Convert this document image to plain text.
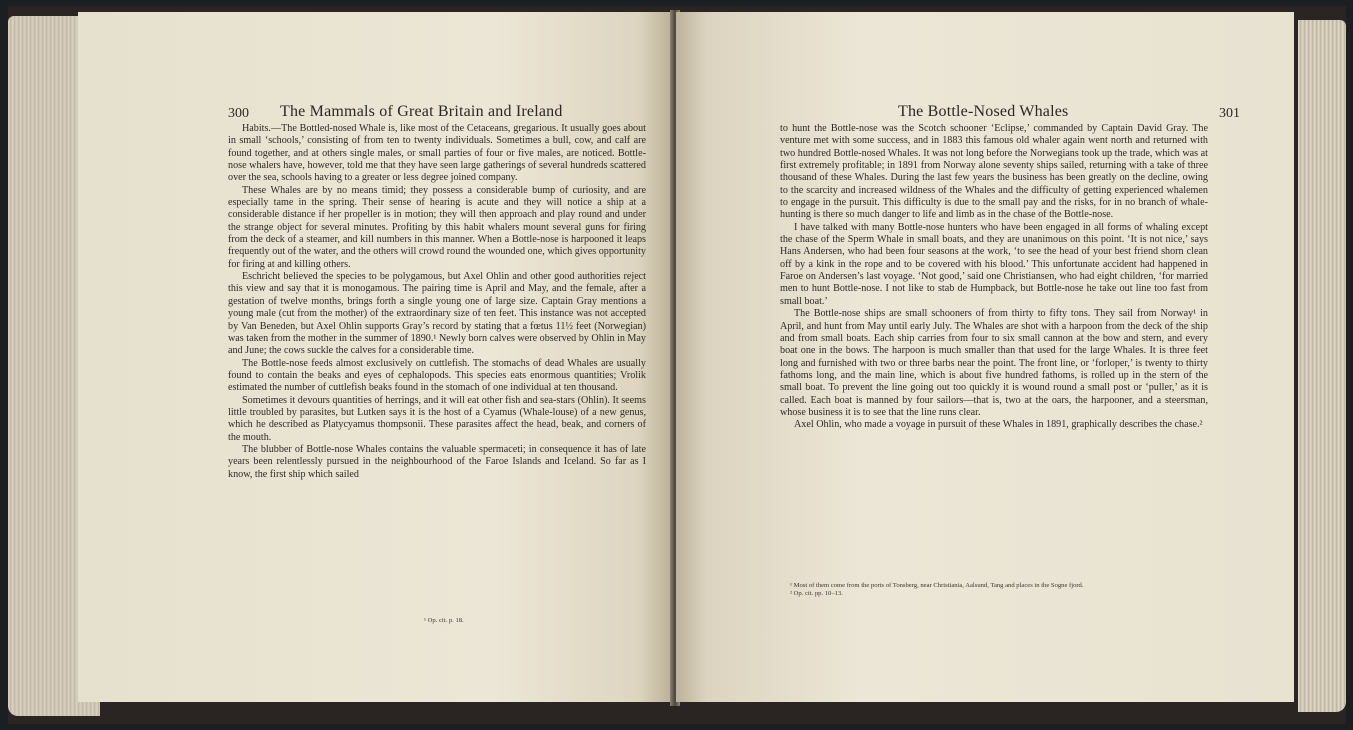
300 The Mammals of Great Britain and Ireland

Habits.—The Bottled-nosed Whale is, like most of the Cetaceans, gregarious. It usually goes about in small ‘schools,’ consisting of from ten to twenty individuals. Sometimes a bull, cow, and calf are found together, and at others single males, or small parties of four or five males, are noticed. Bottle-nose whalers have, however, told me that they have seen large gatherings of several hundreds scattered over the sea, schools having to a greater or less degree joined company.

These Whales are by no means timid; they possess a considerable bump of curiosity, and are especially tame in the spring. Their sense of hearing is acute and they will notice a ship at a considerable distance if her propeller is in motion; they will then approach and play round and under the strange object for several minutes. Profiting by this habit whalers mount several guns for firing from the deck of a steamer, and kill numbers in this manner. When a Bottle-nose is harpooned it leaps frequently out of the water, and the others will crowd round the wounded one, which gives opportunity for firing at and killing others.

Eschricht believed the species to be polygamous, but Axel Ohlin and other good authorities reject this view and say that it is monogamous. The pairing time is April and May, and the female, after a gestation of twelve months, brings forth a single young one of large size. Captain Gray mentions a young male (cut from the mother) of the extraordinary size of ten feet. This instance was not accepted by Van Beneden, but Axel Ohlin supports Gray’s record by stating that a fœtus 11½ feet (Norwegian) was taken from the mother in the summer of 1890.¹ Newly born calves were observed by Ohlin in May and June; the cows suckle the calves for a considerable time.

The Bottle-nose feeds almost exclusively on cuttlefish. The stomachs of dead Whales are usually found to contain the beaks and eyes of cephalopods. This species eats enormous quantities; Vrolik estimated the number of cuttlefish beaks found in the stomach of one individual at ten thousand.

Sometimes it devours quantities of herrings, and it will eat other fish and sea-stars (Ohlin). It seems little troubled by parasites, but Lutken says it is the host of a Cyamus (Whale-louse) of a new genus, which he described as Platycyamus thompsonii. These parasites affect the head, beak, and corners of the mouth.

The blubber of Bottle-nose Whales contains the valuable spermaceti; in consequence it has of late years been relentlessly pursued in the neighbourhood of the Faroe Islands and Iceland. So far as I know, the first ship which sailed

¹ Op. cit. p. 18.
The Bottle-Nosed Whales	301

to hunt the Bottle-nose was the Scotch schooner ‘Eclipse,’ commanded by Captain David Gray. The venture met with some success, and in 1883 this famous old whaler again went north and returned with two hundred Bottle-nosed Whales. It was not long before the Norwegians took up the trade, which was at first extremely profitable; in 1891 from Norway alone seventy ships sailed, returning with a take of three thousand of these Whales. During the last few years the business has been greatly on the decline, owing to the scarcity and increased wildness of the Whales and the difficulty of getting experienced whalemen to engage in the pursuit. This difficulty is due to the small pay and the risks, for in no branch of whale-hunting is there so much danger to life and limb as in the chase of the Bottle-nose.

I have talked with many Bottle-nose hunters who have been engaged in all forms of whaling except the chase of the Sperm Whale in small boats, and they are unanimous on this point. ‘It is not nice,’ says Hans Andersen, who had been four seasons at the work, ‘to see the head of your best friend shorn clean off by a kink in the rope and to be covered with his blood.’ This unfortunate accident had happened in Faroe on Andersen’s last voyage. ‘Not good,’ said one Christiansen, who had eight children, ‘for married men to hunt Bottle-nose. I not like to stab de Humpback, but Bottle-nose he take out line too fast from small boat.’

The Bottle-nose ships are small schooners of from thirty to fifty tons. They sail from Norway¹ in April, and hunt from May until early July. The Whales are shot with a harpoon from the deck of the ship and from small boats. Each ship carries from four to six small cannon at the bow and stern, and every boat one in the bows. The harpoon is much smaller than that used for the large Whales. It is three feet long and furnished with two or three barbs near the point. The front line, or ‘forloper,’ is twenty to thirty fathoms long, and the main line, which is about five hundred fathoms, is rolled up in the stern of the small boat. To prevent the line going out too quickly it is wound round a small post or ‘puller,’ as it is called. Each boat is manned by four sailors—that is, two at the oars, the harpooner, and a steersman, whose business it is to see that the line runs clear.

Axel Ohlin, who made a voyage in pursuit of these Whales in 1891, graphically describes the chase.²

¹ Most of them come from the ports of Tonsberg, near Christiania, Aalsund, Tang and places in the Sogne fjord.

² Op. cit. pp. 10–13.
